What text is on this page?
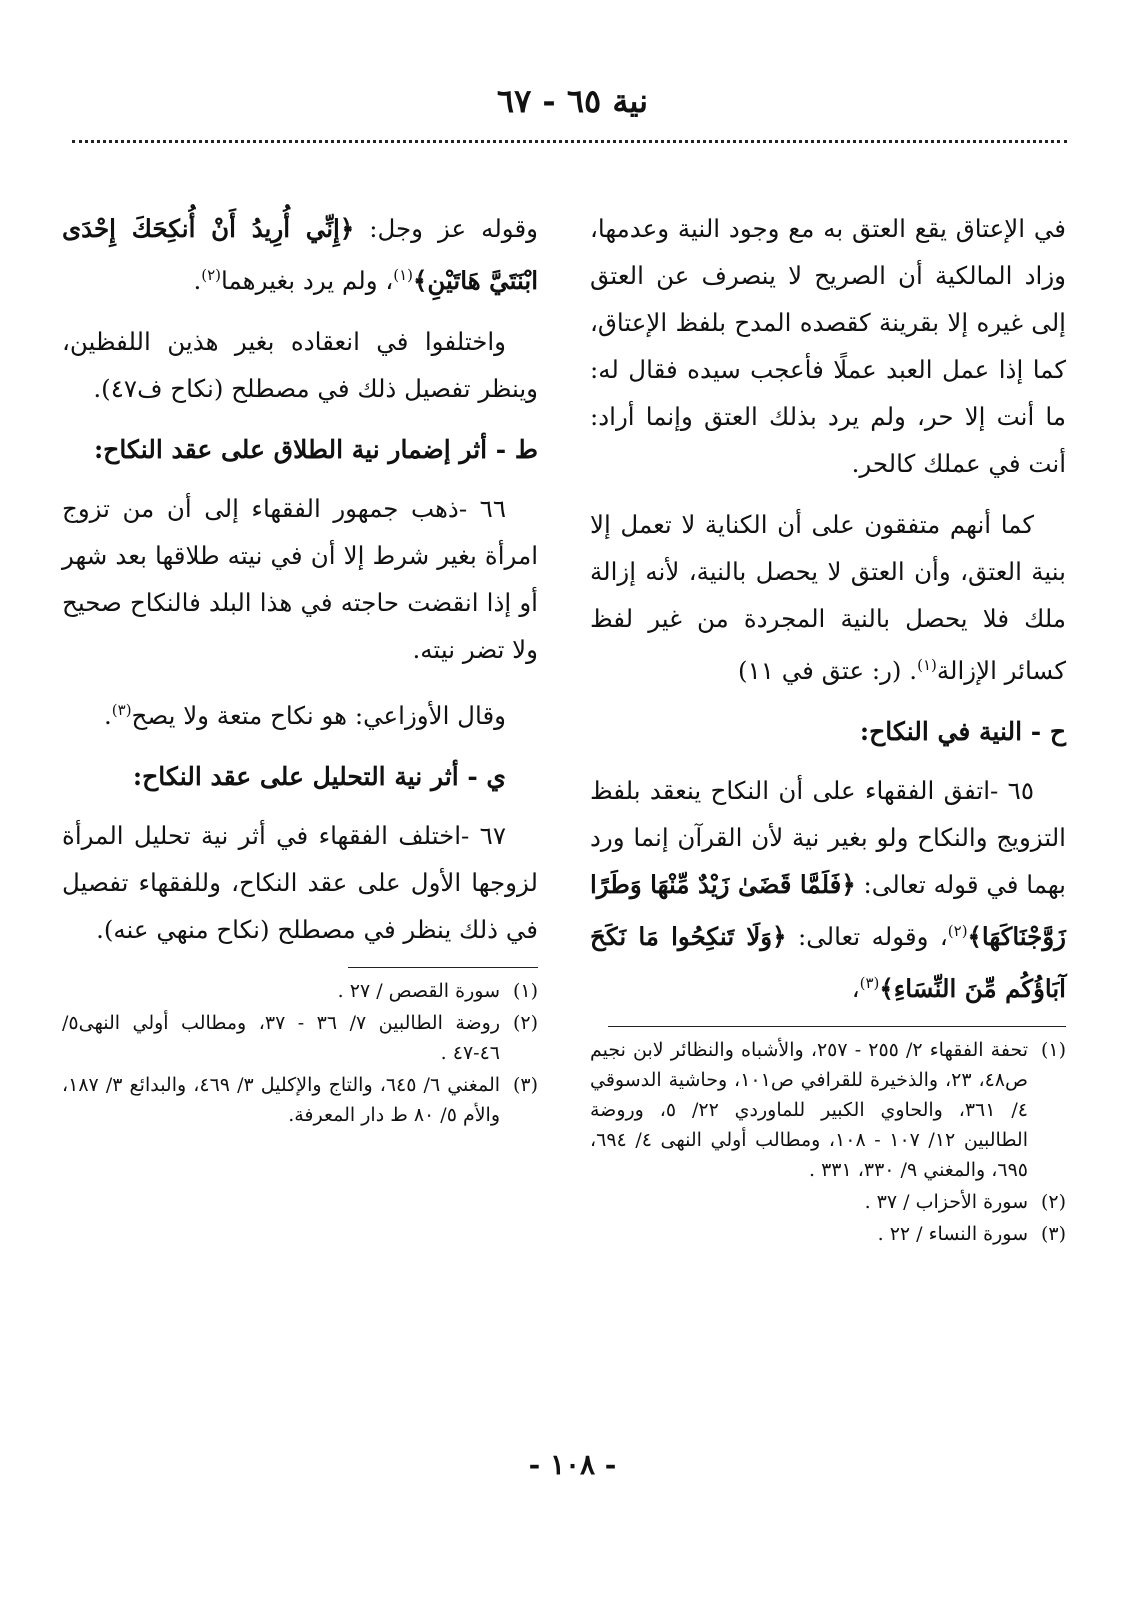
نية ٦٥ - ٦٧

في الإعتاق يقع العتق به مع وجود النية وعدمها، وزاد المالكية أن الصريح لا ينصرف عن العتق إلى غيره إلا بقرينة كقصده المدح بلفظ الإعتاق، كما إذا عمل العبد عملًا فأعجب سيده فقال له: ما أنت إلا حر، ولم يرد بذلك العتق وإنما أراد: أنت في عملك كالحر.

كما أنهم متفقون على أن الكناية لا تعمل إلا بنية العتق، وأن العتق لا يحصل بالنية، لأنه إزالة ملك فلا يحصل بالنية المجردة من غير لفظ كسائر الإزالة$^{(١)}$. (ر: عتق في ١١)

ح - النية في النكاح:

٦٥ -اتفق الفقهاء على أن النكاح ينعقد بلفظ التزويج والنكاح ولو بغير نية لأن القرآن إنما ورد بهما في قوله تعالى: ﴿فَلَمَّا قَضَىٰ زَيْدٌ مِّنْهَا وَطَرًا زَوَّجْنَاكَهَا﴾$^{(٢)}$، وقوله تعالى: ﴿وَلَا تَنكِحُوا مَا نَكَحَ آبَاؤُكُم مِّنَ النِّسَاءِ﴾$^{(٣)}$،

(١)
تحفة الفقهاء ٢/ ٢٥٥ - ٢٥٧، والأشباه والنظائر لابن نجيم ص٤٨، ٢٣، والذخيرة للقرافي ص١٠١، وحاشية الدسوقي ٤/ ٣٦١، والحاوي الكبير للماوردي ٢٢/ ٥، وروضة الطالبين ١٢/ ١٠٧ - ١٠٨، ومطالب أولي النهى ٤/ ٦٩٤، ٦٩٥، والمغني ٩/ ٣٣٠، ٣٣١ .
(٢)
سورة الأحزاب / ٣٧ .
(٣)
سورة النساء / ٢٢ .

وقوله عز وجل: ﴿إِنِّي أُرِيدُ أَنْ أُنكِحَكَ إِحْدَى ابْنَتَيَّ هَاتَيْنِ﴾$^{(١)}$، ولم يرد بغيرهما$^{(٢)}$.

واختلفوا في انعقاده بغير هذين اللفظين، وينظر تفصيل ذلك في مصطلح (نكاح ف٤٧).

ط - أثر إضمار نية الطلاق على عقد النكاح:

٦٦ -ذهب جمهور الفقهاء إلى أن من تزوج امرأة بغير شرط إلا أن في نيته طلاقها بعد شهر أو إذا انقضت حاجته في هذا البلد فالنكاح صحيح ولا تضر نيته.

وقال الأوزاعي: هو نكاح متعة ولا يصح$^{(٣)}$.

ي - أثر نية التحليل على عقد النكاح:

٦٧ -اختلف الفقهاء في أثر نية تحليل المرأة لزوجها الأول على عقد النكاح، وللفقهاء تفصيل في ذلك ينظر في مصطلح (نكاح منهي عنه).

(١)
سورة القصص / ٢٧ .
(٢)
روضة الطالبين ٧/ ٣٦ - ٣٧، ومطالب أولي النهى٥/ ٤٦-٤٧ .
(٣)
المغني ٦/ ٦٤٥، والتاج والإكليل ٣/ ٤٦٩، والبدائع ٣/ ١٨٧، والأم ٥/ ٨٠ ط دار المعرفة.
- ١٠٨ -
